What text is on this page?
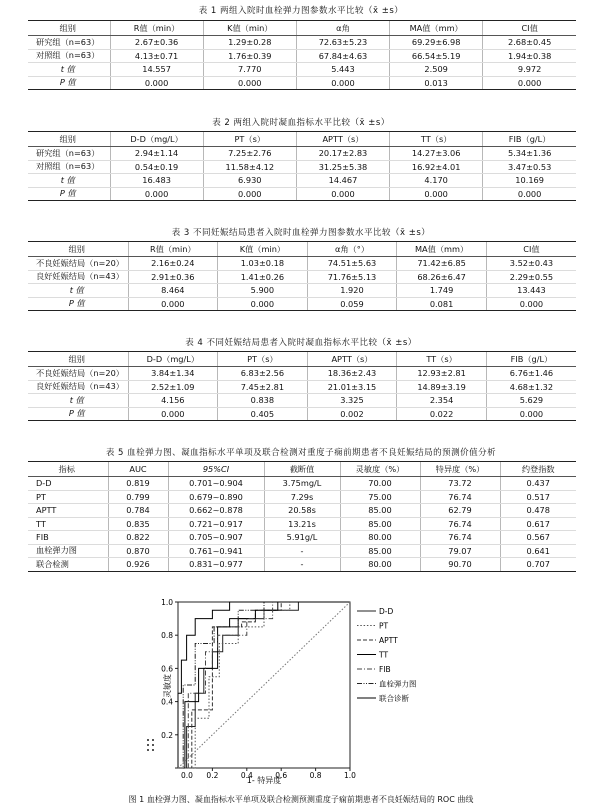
表 1 两组入院时血栓弹力图参数水平比较（x̄ ±s）
组别	R值（min）	K值（min）	α角	MA值（mm）	CI值
研究组（n=63）	2.67±0.36	1.29±0.28	72.63±5.23	69.29±6.98	2.68±0.45
对照组（n=63）	4.13±0.71	1.76±0.39	67.84±4.63	66.54±5.19	1.94±0.38
t 值	14.557	7.770	5.443	2.509	9.972
P 值	0.000	0.000	0.000	0.013	0.000
表 2 两组入院时凝血指标水平比较（x̄ ±s）
组别	D-D（mg/L）	PT（s）	APTT（s）	TT（s）	FIB（g/L）
研究组（n=63）	2.94±1.14	7.25±2.76	20.17±2.83	14.27±3.06	5.34±1.36
对照组（n=63）	0.54±0.19	11.58±4.12	31.25±5.38	16.92±4.01	3.47±0.53
t 值	16.483	6.930	14.467	4.170	10.169
P 值	0.000	0.000	0.000	0.000	0.000
表 3 不同妊娠结局患者入院时血栓弹力图参数水平比较（x̄ ±s）
组别	R值（min）	K值（min）	α角（°）	MA值（mm）	CI值
不良妊娠结局（n=20）	2.16±0.24	1.03±0.18	74.51±5.63	71.42±6.85	3.52±0.43
良好妊娠结局（n=43）	2.91±0.36	1.41±0.26	71.76±5.13	68.26±6.47	2.29±0.55
t 值	8.464	5.900	1.920	1.749	13.443
P 值	0.000	0.000	0.059	0.081	0.000
表 4 不同妊娠结局患者入院时凝血指标水平比较（x̄ ±s）
组别	D-D（mg/L）	PT（s）	APTT（s）	TT（s）	FIB（g/L）
不良妊娠结局（n=20）	3.84±1.34	6.83±2.56	18.36±2.43	12.93±2.81	6.76±1.46
良好妊娠结局（n=43）	2.52±1.09	7.45±2.81	21.01±3.15	14.89±3.19	4.68±1.32
t 值	4.156	0.838	3.325	2.354	5.629
P 值	0.000	0.405	0.002	0.022	0.000
表 5 血栓弹力图、凝血指标水平单项及联合检测对重度子痫前期患者不良妊娠结局的预测价值分析
指标	AUC	95%CI	截断值	灵敏度（%）	特异度（%）	约登指数
D-D	0.819	0.701~0.904	3.75mg/L	70.00	73.72	0.437
PT	0.799	0.679~0.890	7.29s	75.00	76.74	0.517
APTT	0.784	0.662~0.878	20.58s	85.00	62.79	0.478
TT	0.835	0.721~0.917	13.21s	85.00	76.74	0.617
FIB	0.822	0.705~0.907	5.91g/L	80.00	76.74	0.567
血栓弹力图	0.870	0.761~0.941	-	85.00	79.07	0.641
联合检测	0.926	0.831~0.977	-	80.00	90.70	0.707
0.2	0.4	0.6	0.8	1.0
0.2
0.4
0.6
0.8
1.0
0.0
D-D
PT
APTT
TT
FIB
血栓弹力图
联合诊断
1- 特异度
灵敏度
图 1 血栓弹力图、凝血指标水平单项及联合检测预测重度子痫前期患者不良妊娠结局的 ROC 曲线
